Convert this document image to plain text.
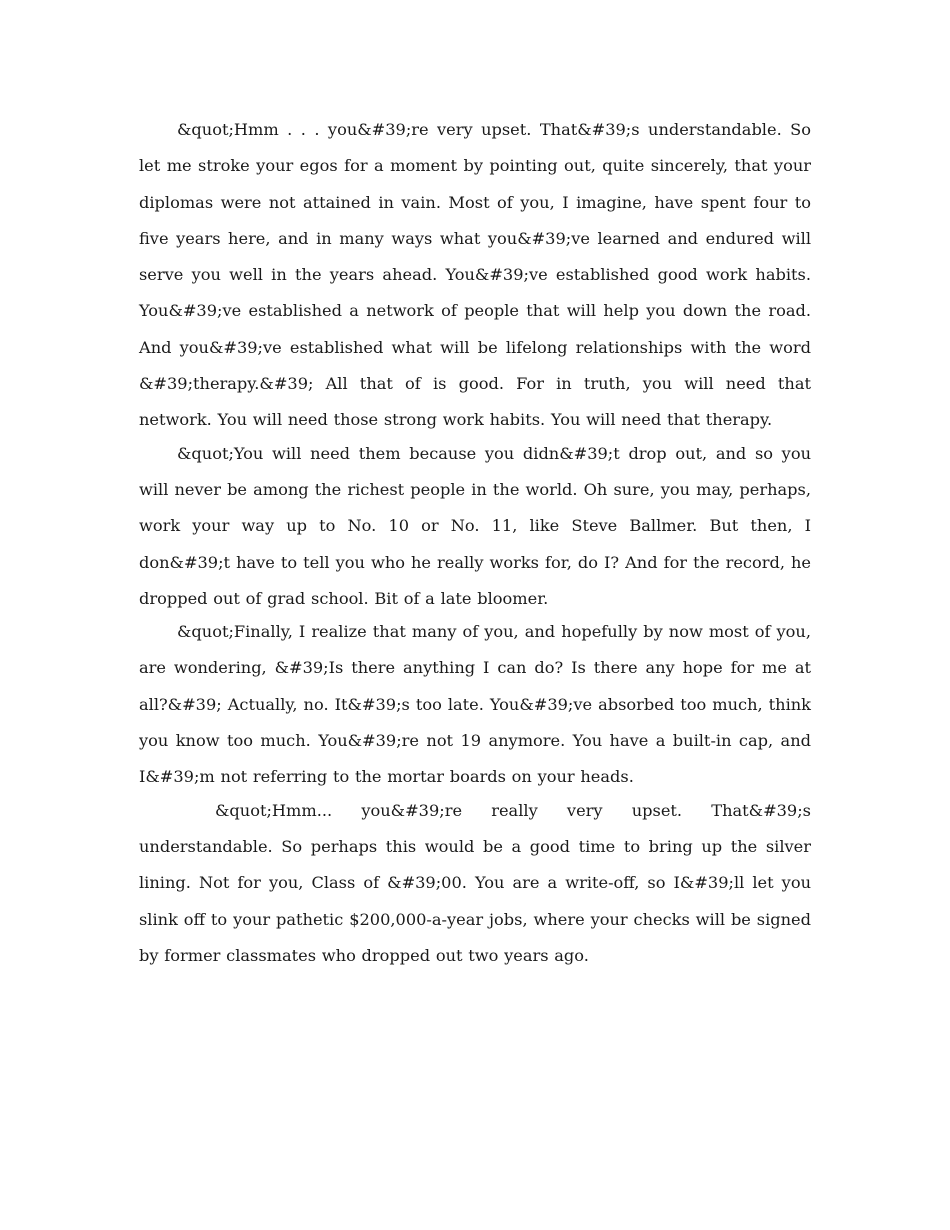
&quot;Hmm . . . you&#39;re very upset. That&#39;s understandable. So let me stroke your egos for a moment by pointing out, quite sincerely, that your diplomas were not attained in vain. Most of you, I imagine, have spent four to five years here, and in many ways what you&#39;ve learned and endured will serve you well in the years ahead. You&#39;ve established good work habits. You&#39;ve established a network of people that will help you down the road. And you&#39;ve established what will be lifelong relationships with the word &#39;therapy.&#39; All that of is good. For in truth, you will need that network. You will need those strong work habits. You will need that therapy.

&quot;You will need them because you didn&#39;t drop out, and so you will never be among the richest people in the world. Oh sure, you may, perhaps, work your way up to No. 10 or No. 11, like Steve Ballmer. But then, I don&#39;t have to tell you who he really works for, do I? And for the record, he dropped out of grad school. Bit of a late bloomer.

&quot;Finally, I realize that many of you, and hopefully by now most of you, are wondering, &#39;Is there anything I can do? Is there any hope for me at all?&#39; Actually, no. It&#39;s too late. You&#39;ve absorbed too much, think you know too much. You&#39;re not 19 anymore. You have a built-in cap, and I&#39;m not referring to the mortar boards on your heads.

&quot;Hmm... you&#39;re really very upset. That&#39;s understandable. So perhaps this would be a good time to bring up the silver lining. Not for you, Class of &#39;00. You are a write-off, so I&#39;ll let you slink off to your pathetic $200,000-a-year jobs, where your checks will be signed by former classmates who dropped out two years ago.
